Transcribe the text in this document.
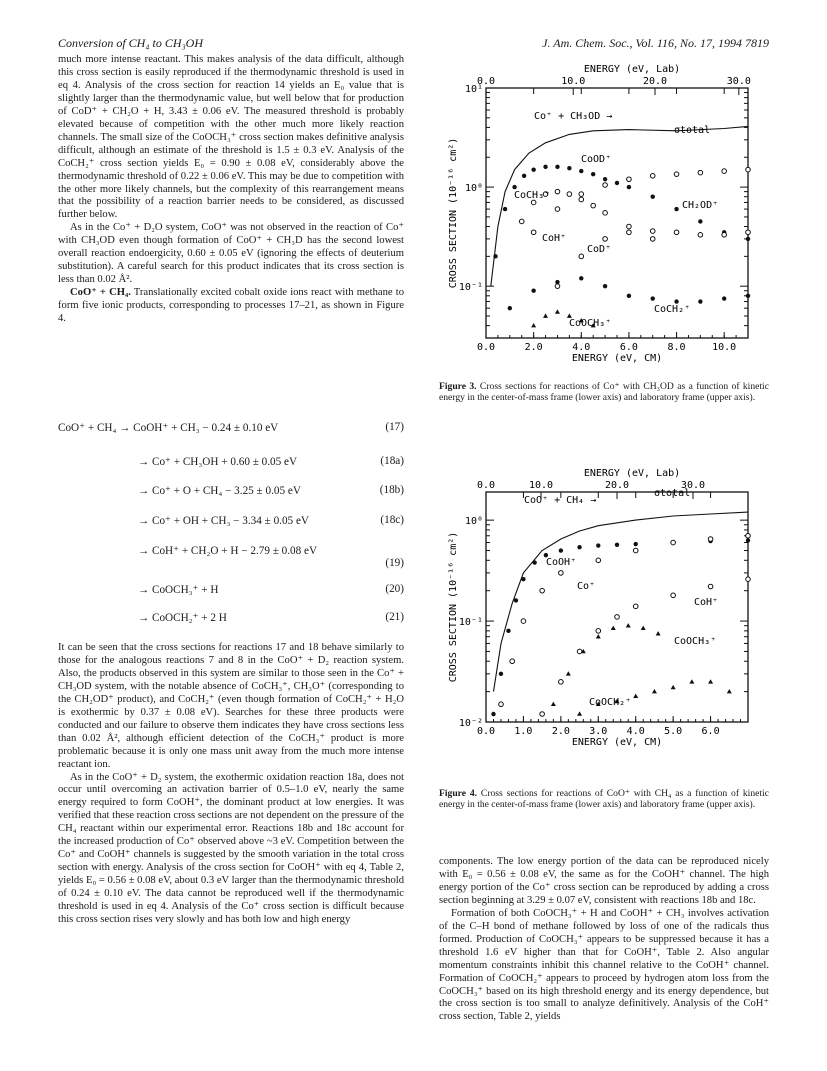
Conversion of CH₄ to CH₃OH	J. Am. Chem. Soc., Vol. 116, No. 17, 1994 7819

much more intense reactant. This makes analysis of the data difficult, although this cross section is easily reproduced if the thermodynamic threshold is used in eq 4. Analysis of the cross section for reaction 14 yields an E₀ value that is slightly larger than the thermodynamic value, but well below that for production of CoD⁺ + CH₂O + H, 3.43 ± 0.06 eV. The measured threshold is probably elevated because of competition with the other much more likely reaction channels. The small size of the CoOCH₃⁺ cross section makes definitive analysis difficult, although an estimate of the threshold is 1.5 ± 0.3 eV. Analysis of the CoCH₂⁺ cross section yields E₀ = 0.90 ± 0.08 eV, considerably above the thermodynamic threshold of 0.22 ± 0.06 eV. This may be due to competition with the other more likely channels, but the complexity of this rearrangement means that the possibility of a reaction barrier needs to be considered, as discussed further below.

As in the Co⁺ + D₂O system, CoO⁺ was not observed in the reaction of Co⁺ with CH₃OD even though formation of CoO⁺ + CH₃D has the second lowest overall reaction endoergicity, 0.60 ± 0.05 eV (ignoring the effects of deuterium substitution). A careful search for this product indicates that its cross section is less than 0.02 Å².

CoO⁺ + CH₄. Translationally excited cobalt oxide ions react with methane to form five ionic products, corresponding to processes 17–21, as shown in Figure 4.

CoO⁺ + CH₄ → CoOH⁺ + CH₃ − 0.24 ± 0.10 eV	(17)
→ Co⁺ + CH₃OH + 0.60 ± 0.05 eV	(18a)
→ Co⁺ + O + CH₄ − 3.25 ± 0.05 eV	(18b)
→ Co⁺ + OH + CH₃ − 3.34 ± 0.05 eV	(18c)
→ CoH⁺ + CH₂O + H − 2.79 ± 0.08 eV
(19)
→ CoOCH₃⁺ + H	(20)
→ CoOCH₂⁺ + 2 H	(21)

It can be seen that the cross sections for reactions 17 and 18 behave similarly to those for the analogous reactions 7 and 8 in the CoO⁺ + D₂ reaction system. Also, the products observed in this system are similar to those seen in the Co⁺ + CH₃OD system, with the notable absence of CoCH₃⁺, CH₃O⁺ (corresponding to the CH₂OD⁺ product), and CoCH₂⁺ (even though formation of CoCH₂⁺ + H₂O is exothermic by 0.37 ± 0.08 eV). Searches for these three products were conducted and our failure to observe them indicates they have cross sections less than 0.02 Å², although efficient detection of the CoCH₃⁺ product is more problematic because it is only one mass unit away from the much more intense reactant ion.

As in the CoO⁺ + D₂ system, the exothermic oxidation reaction 18a, does not occur until overcoming an activation barrier of 0.5–1.0 eV, nearly the same energy required to form CoOH⁺, the dominant product at low energies. It was verified that these reaction cross sections are not dependent on the pressure of the CH₄ reactant within our experimental error. Reactions 18b and 18c account for the increased production of Co⁺ observed above ~3 eV. Competition between the Co⁺ and CoOH⁺ channels is suggested by the smooth variation in the total cross section with energy. Analysis of the cross section for CoOH⁺ with eq 4, Table 2, yields E₀ = 0.56 ± 0.08 eV, about 0.3 eV larger than the thermodynamic threshold of 0.24 ± 0.10 eV. The data cannot be reproduced well if the thermodynamic threshold is used in eq 4. Analysis of the Co⁺ cross section is difficult because this cross section rises very slowly and has both low and high energy

0.0	2.0	4.0	6.0	8.0	10.0
0.0	10.0	20.0	30.0
ENERGY (eV, Lab)
ENERGY (eV, CM)
10⁻¹
10⁰
10¹
CROSS SECTION (10⁻¹⁶ cm²)
Co⁺ + CH₃OD →
σtotal
CoOD⁺
CoCH₃⁺
CH₂OD⁺
CoH⁺
CoD⁺
CoCH₂⁺
CoOCH₃⁺
Figure 3. Cross sections for reactions of Co⁺ with CH₃OD as a function of kinetic energy in the center-of-mass frame (lower axis) and laboratory frame (upper axis).
0.0 1.0 2.0 3.0 4.0 5.0 6.0
0.0	10.0	20.0	30.0
ENERGY (eV, Lab)
ENERGY (eV, CM)
10⁻²
10⁻¹
10⁰
CROSS SECTION (10⁻¹⁶ cm²)
CoO⁺ + CH₄ →
σtotal
CoOH⁺
Co⁺
CoH⁺
CoOCH₃⁺
CoOCH₂⁺
Figure 4. Cross sections for reactions of CoO⁺ with CH₄ as a function of kinetic energy in the center-of-mass frame (lower axis) and laboratory frame (upper axis).

components. The low energy portion of the data can be reproduced nicely with E₀ = 0.56 ± 0.08 eV, the same as for the CoOH⁺ channel. The high energy portion of the Co⁺ cross section can be reproduced by adding a cross section beginning at 3.29 ± 0.07 eV, consistent with reactions 18b and 18c.

Formation of both CoOCH₃⁺ + H and CoOH⁺ + CH₃ involves activation of the C–H bond of methane followed by loss of one of the radicals thus formed. Production of CoOCH₃⁺ appears to be suppressed because it has a threshold 1.6 eV higher than that for CoOH⁺, Table 2. Also angular momentum constraints inhibit this channel relative to the CoOH⁺ channel. Formation of CoOCH₂⁺ appears to proceed by hydrogen atom loss from the CoOCH₃⁺ based on its high threshold energy and its energy dependence, but the cross section is too small to analyze definitively. Analysis of the CoH⁺ cross section, Table 2, yields
